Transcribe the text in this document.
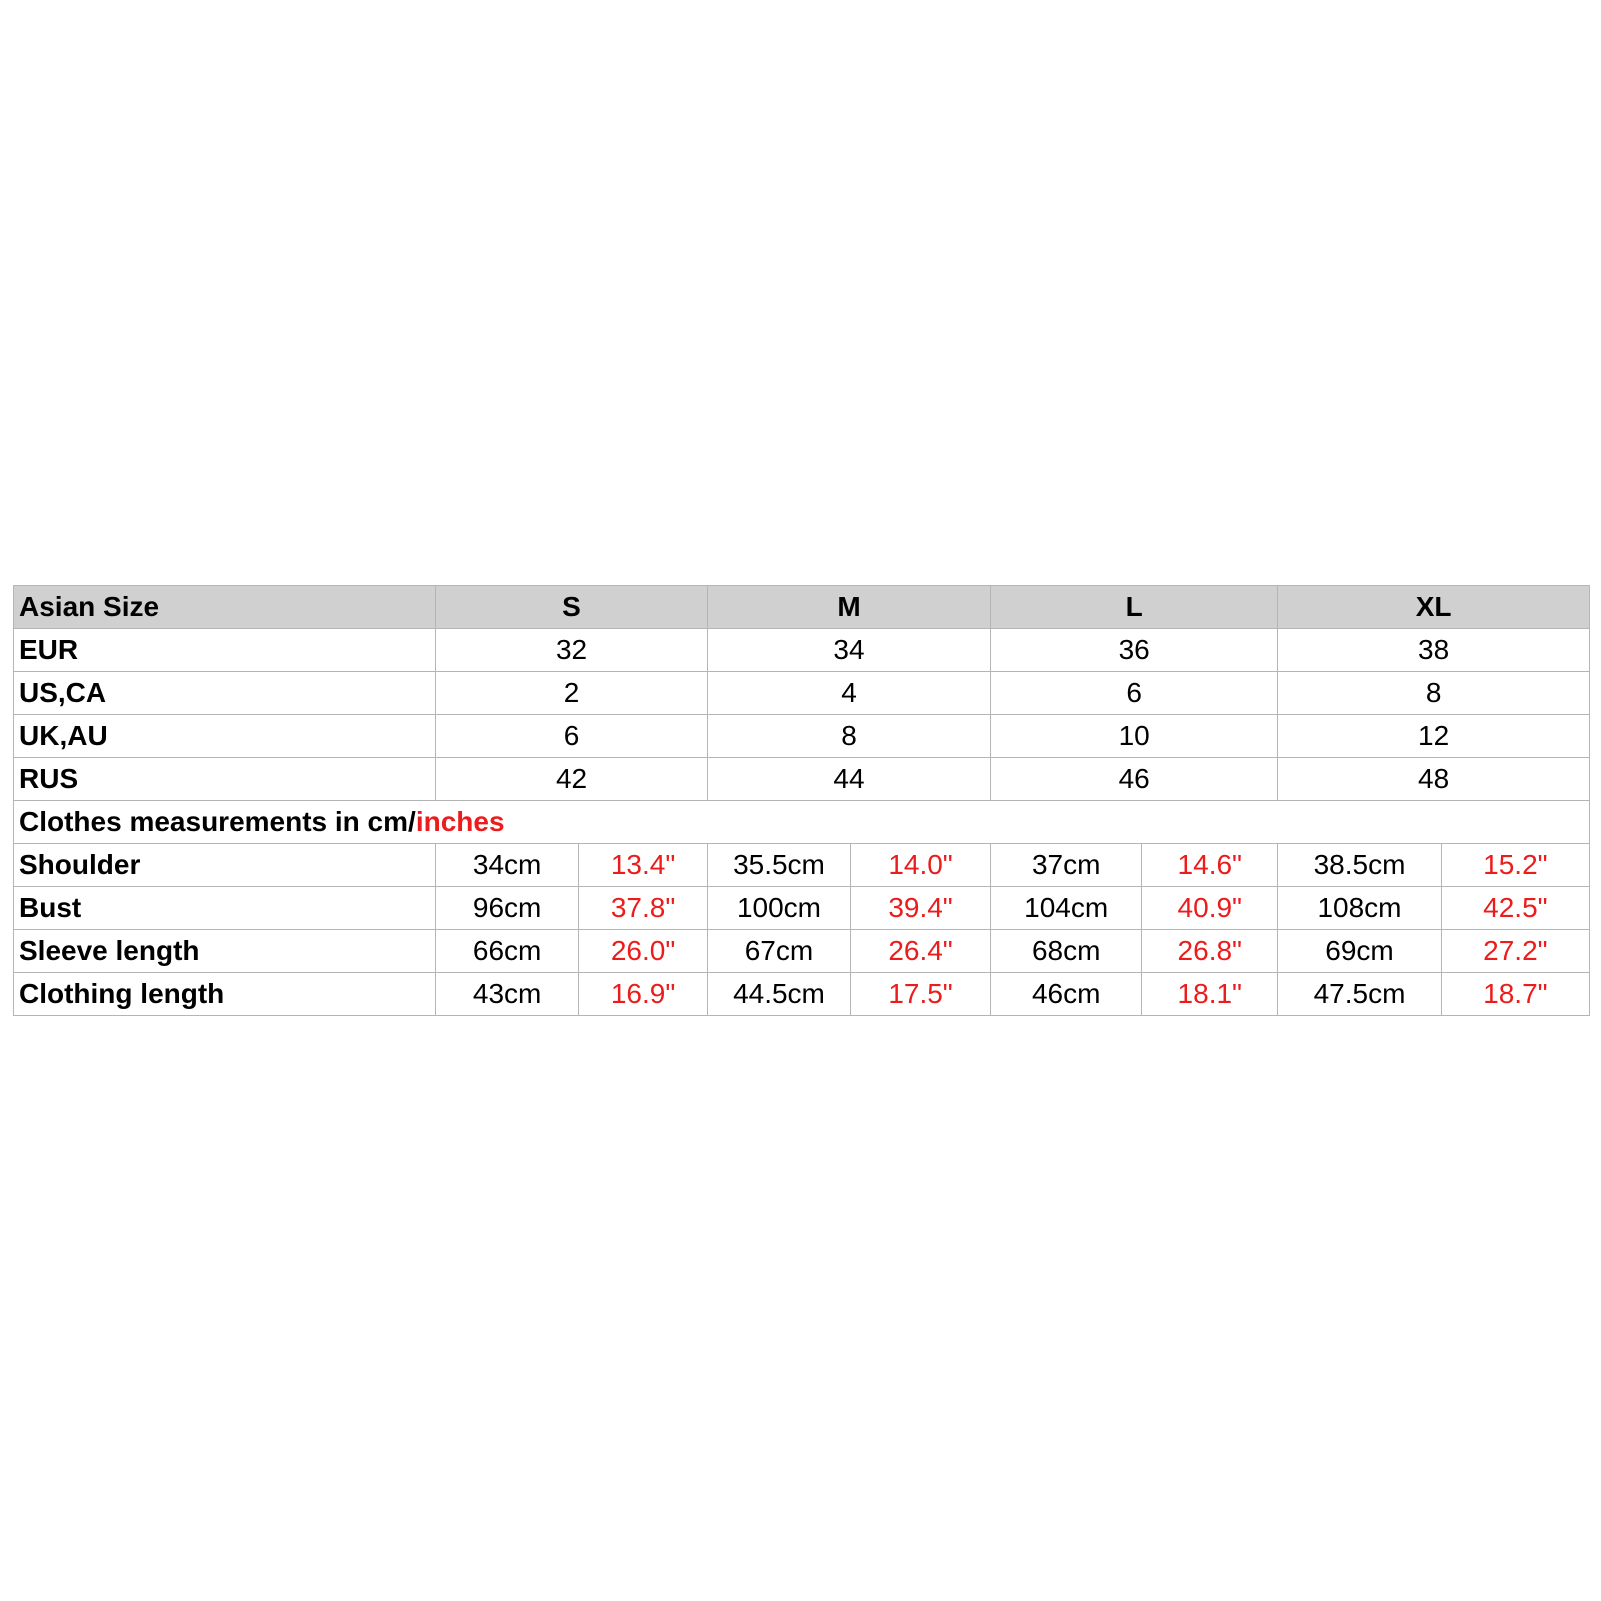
Asian Size	S		M		L		XL	
EUR	32		34		36		38	
US,CA	2		4		6		8	
UK,AU	6		8		10		12	
RUS	42		44		46		48	
Clothes measurements in cm/inches								
Shoulder	34cm	13.4"	35.5cm	14.0"	37cm	14.6"	38.5cm	15.2"
Bust	96cm	37.8"	100cm	39.4"	104cm	40.9"	108cm	42.5"
Sleeve length	66cm	26.0"	67cm	26.4"	68cm	26.8"	69cm	27.2"
Clothing length	43cm	16.9"	44.5cm	17.5"	46cm	18.1"	47.5cm	18.7"
